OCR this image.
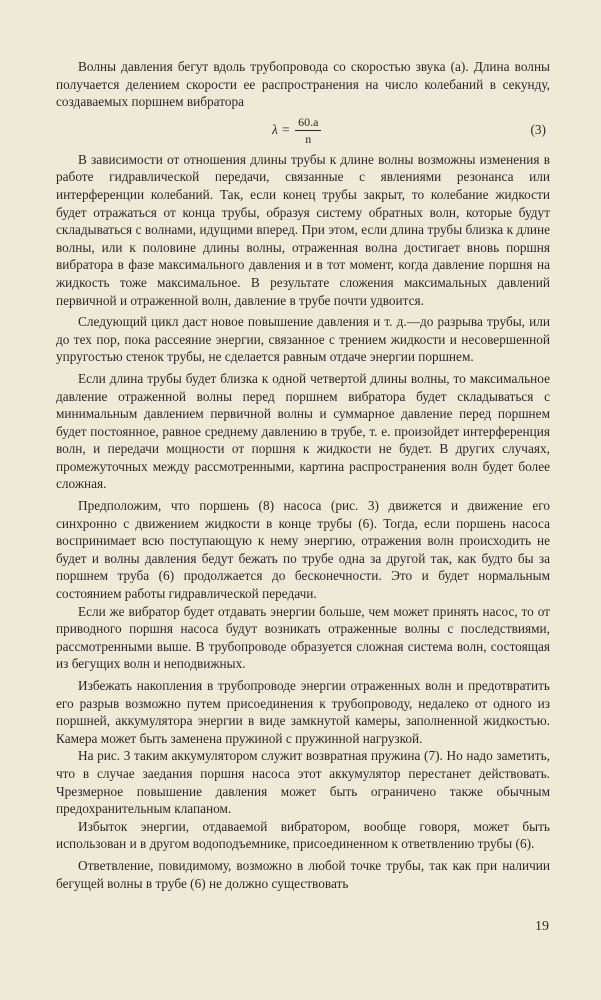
Волны давления бегут вдоль трубопровода со скоростью звука (а). Длина волны получается делением скорости ее распространения на число колебаний в секунду, создаваемых поршнем вибратора

$\lambda = \frac{60.a}{n}$	(3)

В зависимости от отношения длины трубы к длине волны возможны изменения в работе гидравлической передачи, связанные с явлениями резонанса или интерференции колебаний. Так, если конец трубы закрыт, то колебание жидкости будет отражаться от конца трубы, образуя систему обратных волн, которые будут складываться с волнами, идущими вперед. При этом, если длина трубы близка к длине волны, или к половине длины волны, отраженная волна достигает вновь поршня вибратора в фазе максимального давления и в тот момент, когда давление поршня на жидкость тоже максимальное. В результате сложения максимальных давлений первичной и отраженной волн, давление в трубе почти удвоится.

Следующий цикл даст новое повышение давления и т. д.—до разрыва трубы, или до тех пор, пока рассеяние энергии, связанное с трением жидкости и несовершенной упругостью стенок трубы, не сделается равным отдаче энергии поршнем.

Если длина трубы будет близка к одной четвертой длины волны, то максимальное давление отраженной волны перед поршнем вибратора будет складываться с минимальным давлением первичной волны и суммарное давление перед поршнем будет постоянное, равное среднему давлению в трубе, т. е. произойдет интерференция волн, и передачи мощности от поршня к жидкости не будет. В других случаях, промежуточных между рассмотренными, картина распространения волн будет более сложная.

Предположим, что поршень (8) насоса (рис. 3) движется и движение его синхронно с движением жидкости в конце трубы (6). Тогда, если поршень насоса воспринимает всю поступающую к нему энергию, отражения волн происходить не будет и волны давления бедут бежать по трубе одна за другой так, как будто бы за поршнем труба (6) продолжается до бесконечности. Это и будет нормальным состоянием работы гидравлической передачи.

Если же вибратор будет отдавать энергии больше, чем может принять насос, то от приводного поршня насоса будут возникать отраженные волны с последствиями, рассмотренными выше. В трубопроводе образуется сложная система волн, состоящая из бегущих волн и неподвижных.

Избежать накопления в трубопроводе энергии отраженных волн и предотвратить его разрыв возможно путем присоединения к трубопроводу, недалеко от одного из поршней, аккумулятора энергии в виде замкнутой камеры, заполненной жидкостью. Камера может быть заменена пружиной с пружинной нагрузкой.

На рис. 3 таким аккумулятором служит возвратная пружина (7). Но надо заметить, что в случае заедания поршня насоса этот аккумулятор перестанет действовать. Чрезмерное повышение давления может быть ограничено также обычным предохранительным клапаном.

Избыток энергии, отдаваемой вибратором, вообще говоря, может быть использован и в другом водоподъемнике, присоединенном к ответвлению трубы (6).

Ответвление, повидимому, возможно в любой точке трубы, так как при наличии бегущей волны в трубе (6) не должно существовать

19
